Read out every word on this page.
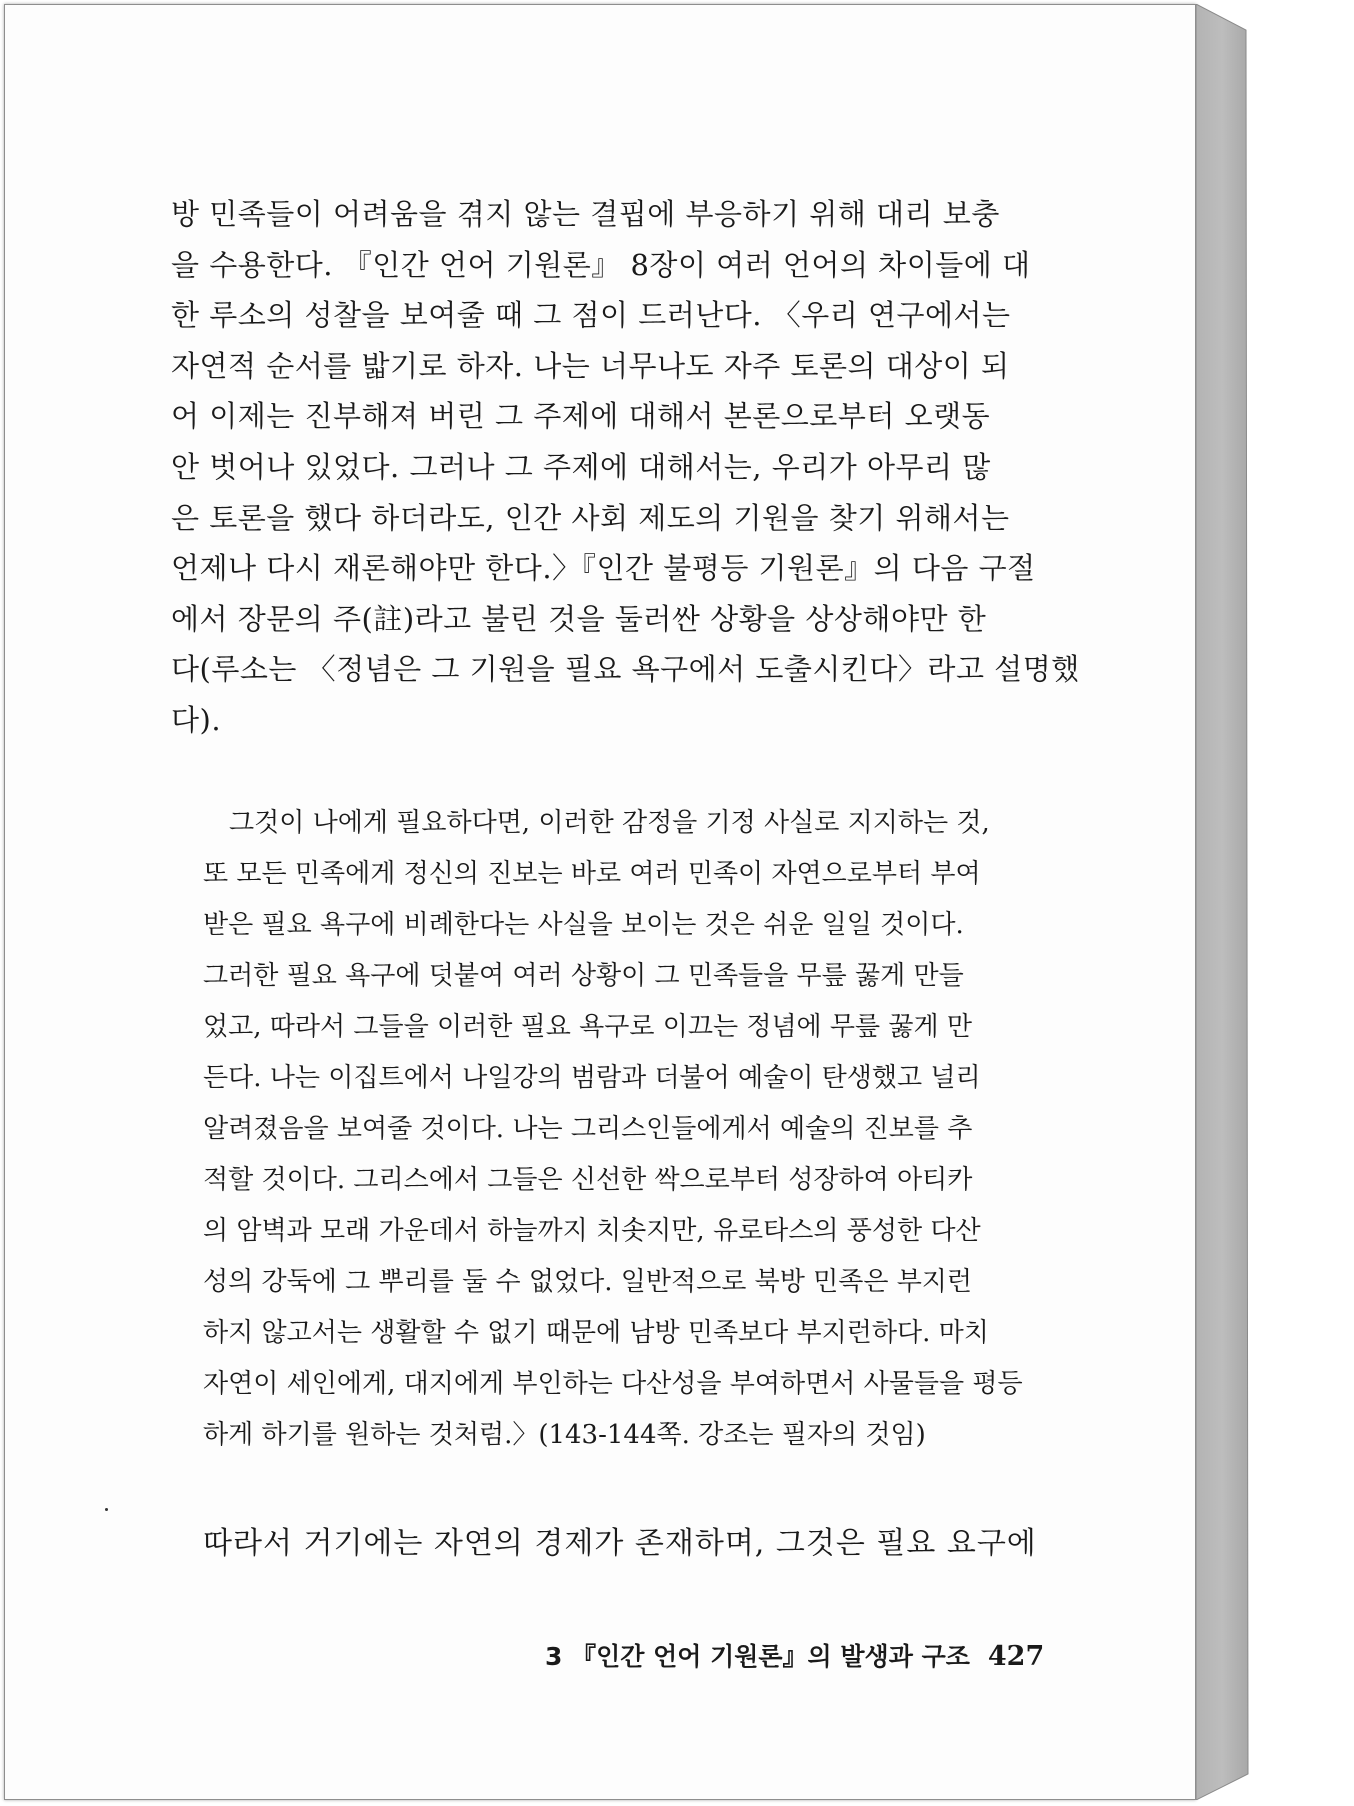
방 민족들이 어려움을 겪지 않는 결핍에 부응하기 위해 대리 보충
을 수용한다. 『인간 언어 기원론』 8장이 여러 언어의 차이들에 대
한 루소의 성찰을 보여줄 때 그 점이 드러난다. 〈우리 연구에서는
자연적 순서를 밟기로 하자. 나는 너무나도 자주 토론의 대상이 되
어 이제는 진부해져 버린 그 주제에 대해서 본론으로부터 오랫동
안 벗어나 있었다. 그러나 그 주제에 대해서는, 우리가 아무리 많
은 토론을 했다 하더라도, 인간 사회 제도의 기원을 찾기 위해서는
언제나 다시 재론해야만 한다.〉『인간 불평등 기원론』의 다음 구절
에서 장문의 주(註)라고 불린 것을 둘러싼 상황을 상상해야만 한
다(루소는 〈정념은 그 기원을 필요 욕구에서 도출시킨다〉라고 설명했
다).
그것이 나에게 필요하다면, 이러한 감정을 기정 사실로 지지하는 것,
또 모든 민족에게 정신의 진보는 바로 여러 민족이 자연으로부터 부여
받은 필요 욕구에 비례한다는 사실을 보이는 것은 쉬운 일일 것이다.
그러한 필요 욕구에 덧붙여 여러 상황이 그 민족들을 무릎 꿇게 만들
었고, 따라서 그들을 이러한 필요 욕구로 이끄는 정념에 무릎 꿇게 만
든다. 나는 이집트에서 나일강의 범람과 더불어 예술이 탄생했고 널리
알려졌음을 보여줄 것이다. 나는 그리스인들에게서 예술의 진보를 추
적할 것이다. 그리스에서 그들은 신선한 싹으로부터 성장하여 아티카
의 암벽과 모래 가운데서 하늘까지 치솟지만, 유로타스의 풍성한 다산
성의 강둑에 그 뿌리를 둘 수 없었다. 일반적으로 북방 민족은 부지런
하지 않고서는 생활할 수 없기 때문에 남방 민족보다 부지런하다. 마치
자연이 세인에게, 대지에게 부인하는 다산성을 부여하면서 사물들을 평등
하게 하기를 원하는 것처럼.〉(143-144쪽. 강조는 필자의 것임)
따라서 거기에는 자연의 경제가 존재하며, 그것은 필요 요구에
3 『인간 언어 기원론』의 발생과 구조 427
